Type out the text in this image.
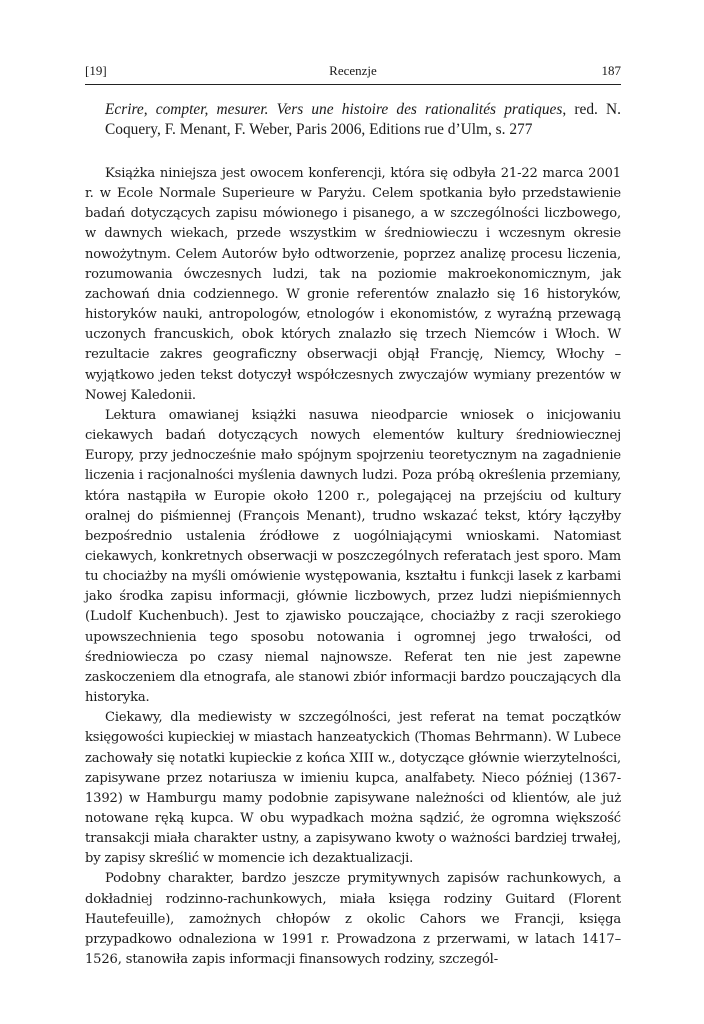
[19]	Recenzje	187
Ecrire, compter, mesurer. Vers une histoire des rationalités pratiques, red. N. Coquery, F. Menant, F. Weber, Paris 2006, Editions rue d’Ulm, s. 277

Książka niniejsza jest owocem konferencji, która się odbyła 21-22 marca 2001 r. w Ecole Normale Superieure w Paryżu. Celem spotkania było przedstawienie badań dotyczących zapisu mówionego i pisanego, a w szczególności liczbowego, w dawnych wiekach, przede wszystkim w średniowieczu i wczesnym okresie nowożytnym. Celem Autorów było odtworzenie, poprzez analizę procesu liczenia, rozumowania ówczesnych ludzi, tak na poziomie makroekonomicznym, jak zachowań dnia codziennego. W gronie referentów znalazło się 16 historyków, historyków nauki, antropologów, etnologów i ekonomistów, z wyraźną przewagą uczonych francuskich, obok których znalazło się trzech Niemców i Włoch. W rezultacie zakres geograficzny obserwacji objął Francję, Niemcy, Włochy – wyjątkowo jeden tekst dotyczył współczesnych zwyczajów wymiany prezentów w Nowej Kaledonii.

Lektura omawianej książki nasuwa nieodparcie wniosek o inicjowaniu ciekawych badań dotyczących nowych elementów kultury średniowiecznej Europy, przy jednocześnie mało spójnym spojrzeniu teoretycznym na zagadnienie liczenia i racjonalności myślenia dawnych ludzi. Poza próbą określenia przemiany, która nastąpiła w Europie około 1200 r., polegającej na przejściu od kultury oralnej do piśmiennej (François Menant), trudno wskazać tekst, który łączyłby bezpośrednio ustalenia źródłowe z uogólniającymi wnioskami. Natomiast ciekawych, konkretnych obserwacji w poszczególnych referatach jest sporo. Mam tu chociażby na myśli omówienie występowania, kształtu i funkcji lasek z karbami jako środka zapisu informacji, głównie liczbowych, przez ludzi niepiśmiennych (Ludolf Kuchenbuch). Jest to zjawisko pouczające, chociażby z racji szerokiego upowszechnienia tego sposobu notowania i ogromnej jego trwałości, od średniowiecza po czasy niemal najnowsze. Referat ten nie jest zapewne zaskoczeniem dla etnografa, ale stanowi zbiór informacji bardzo pouczających dla historyka.

Ciekawy, dla mediewisty w szczególności, jest referat na temat początków księgowości kupieckiej w miastach hanzeatyckich (Thomas Behrmann). W Lubece zachowały się notatki kupieckie z końca XIII w., dotyczące głównie wierzytelności, zapisywane przez notariusza w imieniu kupca, analfabety. Nieco później (1367-1392) w Hamburgu mamy podobnie zapisywane należności od klientów, ale już notowane ręką kupca. W obu wypadkach można sądzić, że ogromna większość transakcji miała charakter ustny, a zapisywano kwoty o ważności bardziej trwałej, by zapisy skreślić w momencie ich dezaktualizacji.

Podobny charakter, bardzo jeszcze prymitywnych zapisów rachunkowych, a dokładniej rodzinno-rachunkowych, miała księga rodziny Guitard (Florent Hautefeuille), zamożnych chłopów z okolic Cahors we Francji, księga przypadkowo odnaleziona w 1991 r. Prowadzona z przerwami, w latach 1417–1526, stanowiła zapis informacji finansowych rodziny, szczegól-
